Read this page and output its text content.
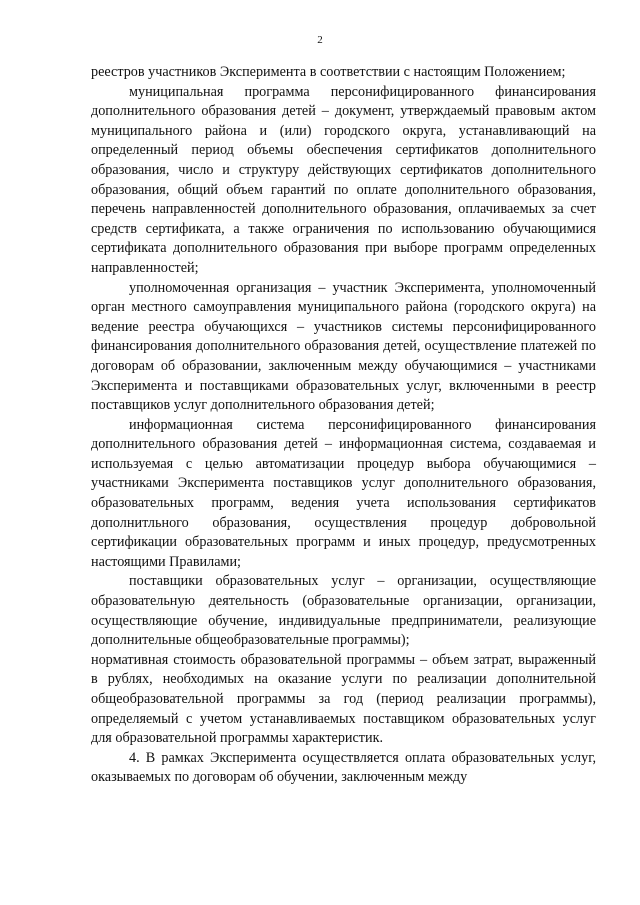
2

реестров участников Эксперимента в соответствии с настоящим Положением;

муниципальная программа персонифицированного финансирования дополнительного образования детей – документ, утверждаемый правовым актом муниципального района и (или) городского округа, устанавливающий на определенный период объемы обеспечения сертификатов дополнительного образования, число и структуру действующих сертификатов дополнительного образования, общий объем гарантий по оплате дополнительного образования, перечень направленностей дополнительного образования, оплачиваемых за счет средств сертификата, а также ограничения по использованию обучающимися сертификата дополнительного образования при выборе программ определенных направленностей;

уполномоченная организация – участник Эксперимента, уполномоченный орган местного самоуправления муниципального района (городского округа) на ведение реестра обучающихся – участников системы персонифицированного финансирования дополнительного образования детей, осуществление платежей по договорам об образовании, заключенным между обучающимися – участниками Эксперимента и поставщиками образовательных услуг, включенными в реестр поставщиков услуг дополнительного образования детей;

информационная система персонифицированного финансирования дополнительного образования детей – информационная система, создаваемая и используемая с целью автоматизации процедур выбора обучающимися – участниками Эксперимента поставщиков услуг дополнительного образования, образовательных программ, ведения учета использования сертификатов дополнитльного образования, осуществления процедур добровольной сертификации образовательных программ и иных процедур, предусмотренных настоящими Правилами;

поставщики образовательных услуг – организации, осуществляющие образовательную деятельность (образовательные организации, организации, осуществляющие обучение, индивидуальные предприниматели, реализующие дополнительные общеобразовательные программы);

нормативная стоимость образовательной программы – объем затрат, выраженный в рублях, необходимых на оказание услуги по реализации дополнительной общеобразовательной программы за год (период реализации программы), определяемый с учетом устанавливаемых поставщиком образовательных услуг для образовательной программы характеристик.

4. В рамках Эксперимента осуществляется оплата образовательных услуг, оказываемых по договорам об обучении, заключенным между
